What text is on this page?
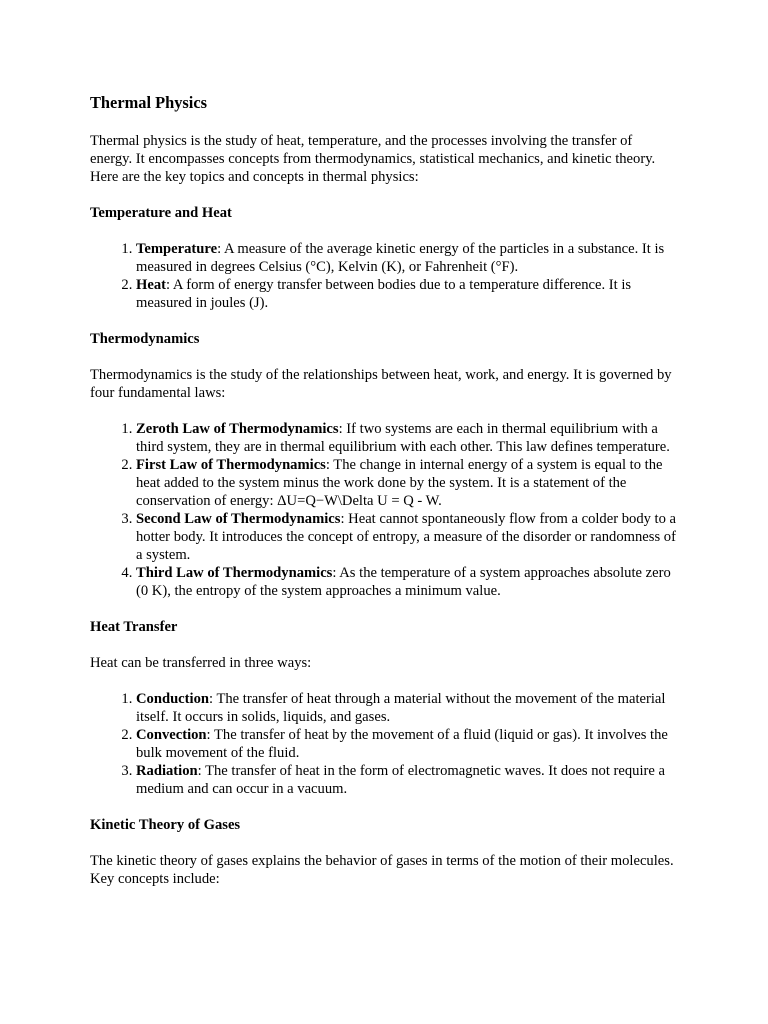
Thermal Physics

Thermal physics is the study of heat, temperature, and the processes involving the transfer of energy. It encompasses concepts from thermodynamics, statistical mechanics, and kinetic theory. Here are the key topics and concepts in thermal physics:

Temperature and Heat
1. Temperature: A measure of the average kinetic energy of the particles in a substance. It is measured in degrees Celsius (°C), Kelvin (K), or Fahrenheit (°F).
2. Heat: A form of energy transfer between bodies due to a temperature difference. It is measured in joules (J).
Thermodynamics

Thermodynamics is the study of the relationships between heat, work, and energy. It is governed by four fundamental laws:

1. Zeroth Law of Thermodynamics: If two systems are each in thermal equilibrium with a third system, they are in thermal equilibrium with each other. This law defines temperature.
2. First Law of Thermodynamics: The change in internal energy of a system is equal to the heat added to the system minus the work done by the system. It is a statement of the conservation of energy: ΔU=Q−W\Delta U = Q - W.
3. Second Law of Thermodynamics: Heat cannot spontaneously flow from a colder body to a hotter body. It introduces the concept of entropy, a measure of the disorder or randomness of a system.
4. Third Law of Thermodynamics: As the temperature of a system approaches absolute zero (0 K), the entropy of the system approaches a minimum value.
Heat Transfer

Heat can be transferred in three ways:

1. Conduction: The transfer of heat through a material without the movement of the material itself. It occurs in solids, liquids, and gases.
2. Convection: The transfer of heat by the movement of a fluid (liquid or gas). It involves the bulk movement of the fluid.
3. Radiation: The transfer of heat in the form of electromagnetic waves. It does not require a medium and can occur in a vacuum.
Kinetic Theory of Gases

The kinetic theory of gases explains the behavior of gases in terms of the motion of their molecules. Key concepts include:
